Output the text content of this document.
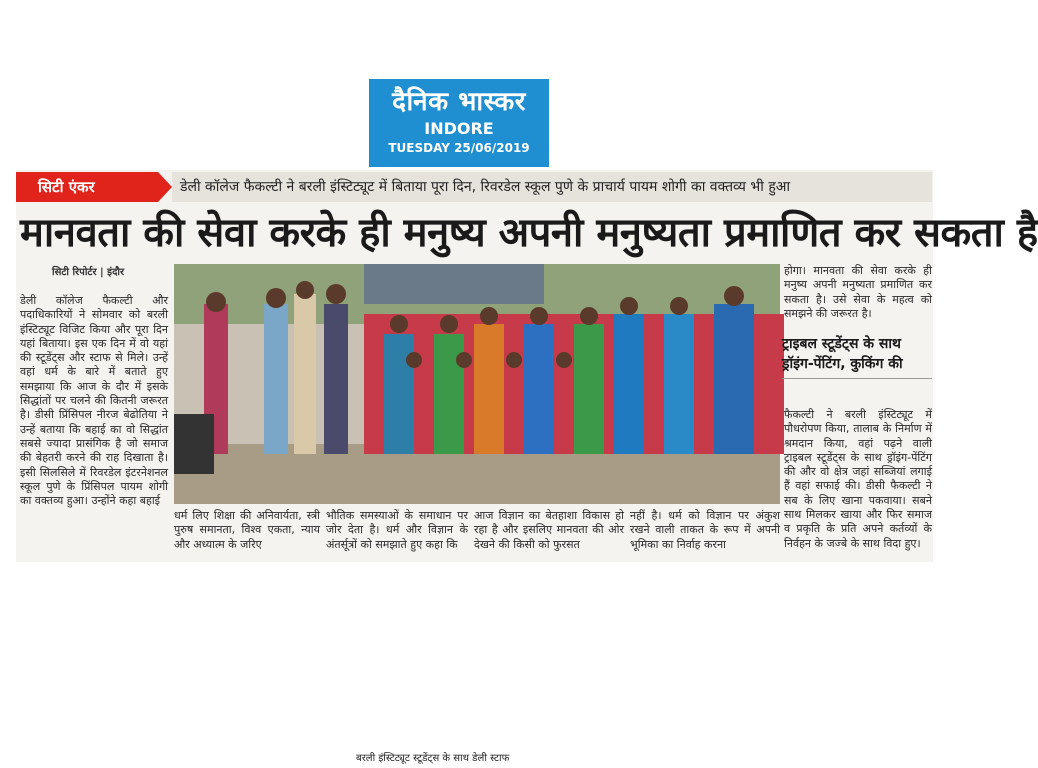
दैनिक भास्कर
INDORE
TUESDAY 25/06/2019
सिटी एंकर	डेली कॉलेज फैकल्टी ने बरली इंस्टिट्यूट में बिताया पूरा दिन, रिवरडेल स्कूल पुणे के प्राचार्य पायम शोगी का वक्तव्य भी हुआ
मानवता की सेवा करके ही मनुष्य अपनी मनुष्यता प्रमाणित कर सकता है
सिटी रिपोर्टर | इंदौर
डेली कॉलेज फैकल्टी और पदाधिकारियों ने सोमवार को बरली इंस्टिट्यूट विजिट किया और पूरा दिन यहां बिताया। इस एक दिन में वो यहां की स्टूडेंट्स और स्टाफ से मिले। उन्हें वहां धर्म के बारे में बताते हुए समझाया कि आज के दौर में इसके सिद्धांतों पर चलने की कितनी जरूरत है। डीसी प्रिंसिपल नीरज बेढोतिया ने उन्हें बताया कि बहाई का वो सिद्धांत सबसे ज्यादा प्रासंगिक है जो समाज की बेहतरी करने की राह दिखाता है। इसी सिलसिले में रिवरडेल इंटरनेशनल स्कूल पुणे के प्रिंसिपल पायम शोगी का वक्तव्य हुआ। उन्होंने कहा बहाई
बरली इंस्टिट्यूट स्टूडेंट्स के साथ डेली स्टाफ
होगा। मानवता की सेवा करके ही मनुष्य अपनी मनुष्यता प्रमाणित कर सकता है। उसे सेवा के महत्व को समझने की जरूरत है।
ट्राइबल स्टूडेंट्स के साथ ड्रॉइंग-पेंटिंग, कुकिंग की
फैकल्टी ने बरली इंस्टिट्यूट में पौधरोपण किया, तालाब के निर्माण में श्रमदान किया, वहां पढ़ने वाली ट्राइबल स्टूडेंट्स के साथ ड्रॉइंग-पेंटिंग की और वो क्षेत्र जहां सब्जियां लगाई हैं वहां सफाई की। डीसी फैकल्टी ने सब के लिए खाना पकवाया। सबने साथ मिलकर खाया और फिर समाज व प्रकृति के प्रति अपने कर्तव्यों के निर्वहन के जज्बे के साथ विदा हुए।
धर्म लिए शिक्षा की अनिवार्यता, स्त्री पुरुष समानता, विश्व एकता, न्याय और अध्यात्म के जरिए
भौतिक समस्याओं के समाधान पर जोर देता है। धर्म और विज्ञान के अंतर्सूत्रों को समझाते हुए कहा कि
आज विज्ञान का बेतहाशा विकास हो रहा है और इसलिए मानवता की ओर देखने की किसी को फुरसत
नहीं है। धर्म को विज्ञान पर अंकुश रखने वाली ताकत के रूप में अपनी भूमिका का निर्वाह करना
